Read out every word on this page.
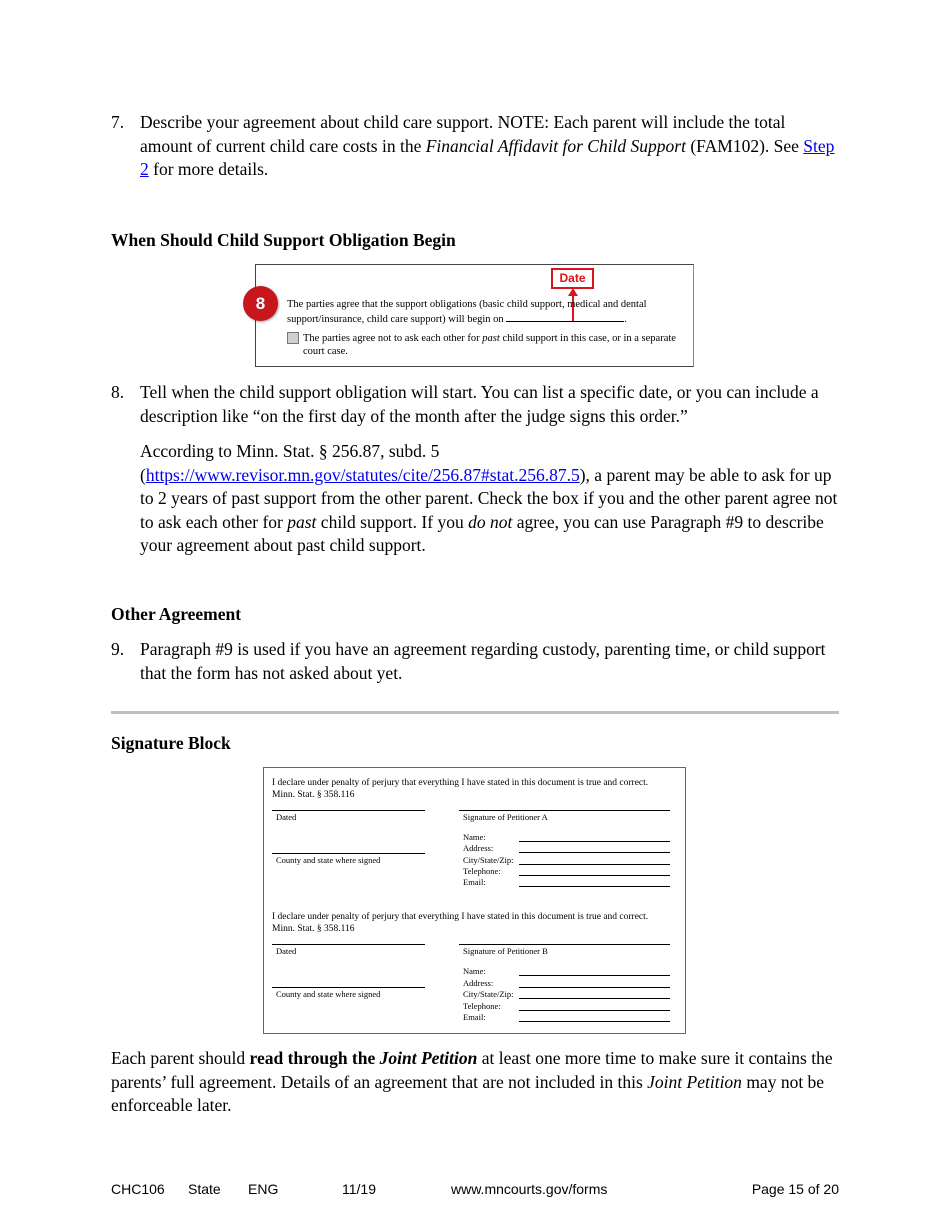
7. Describe your agreement about child care support. NOTE: Each parent will include the total amount of current child care costs in the Financial Affidavit for Child Support (FAM102). See Step 2 for more details.
When Should Child Support Obligation Begin
8
Date
The parties agree that the support obligations (basic child support, medical and dental support/insurance, child care support) will begin on	.
The parties agree not to ask each other for past child support in this case, or in a separate court case.
8. Tell when the child support obligation will start. You can list a specific date, or you can include a description like “on the first day of the month after the judge signs this order.”
According to Minn. Stat. § 256.87, subd. 5 (https://www.revisor.mn.gov/statutes/cite/256.87#stat.256.87.5), a parent may be able to ask for up to 2 years of past support from the other parent. Check the box if you and the other parent agree not to ask each other for past child support. If you do not agree, you can use Paragraph #9 to describe your agreement about past child support.
Other Agreement
9. Paragraph #9 is used if you have an agreement regarding custody, parenting time, or child support that the form has not asked about yet.
Signature Block
I declare under penalty of perjury that everything I have stated in this document is true and correct. Minn. Stat. § 358.116
Dated	Signature of Petitioner A
County and state where signed
Name:
Address:
City/State/Zip:
Telephone:
Email:
I declare under penalty of perjury that everything I have stated in this document is true and correct. Minn. Stat. § 358.116
Dated	Signature of Petitioner B
County and state where signed
Name:
Address:
City/State/Zip:
Telephone:
Email:
Each parent should read through the Joint Petition at least one more time to make sure it contains the parents’ full agreement. Details of an agreement that are not included in this Joint Petition may not be enforceable later.
CHC106 State ENG	11/19	www.mncourts.gov/forms	Page 15 of 20
